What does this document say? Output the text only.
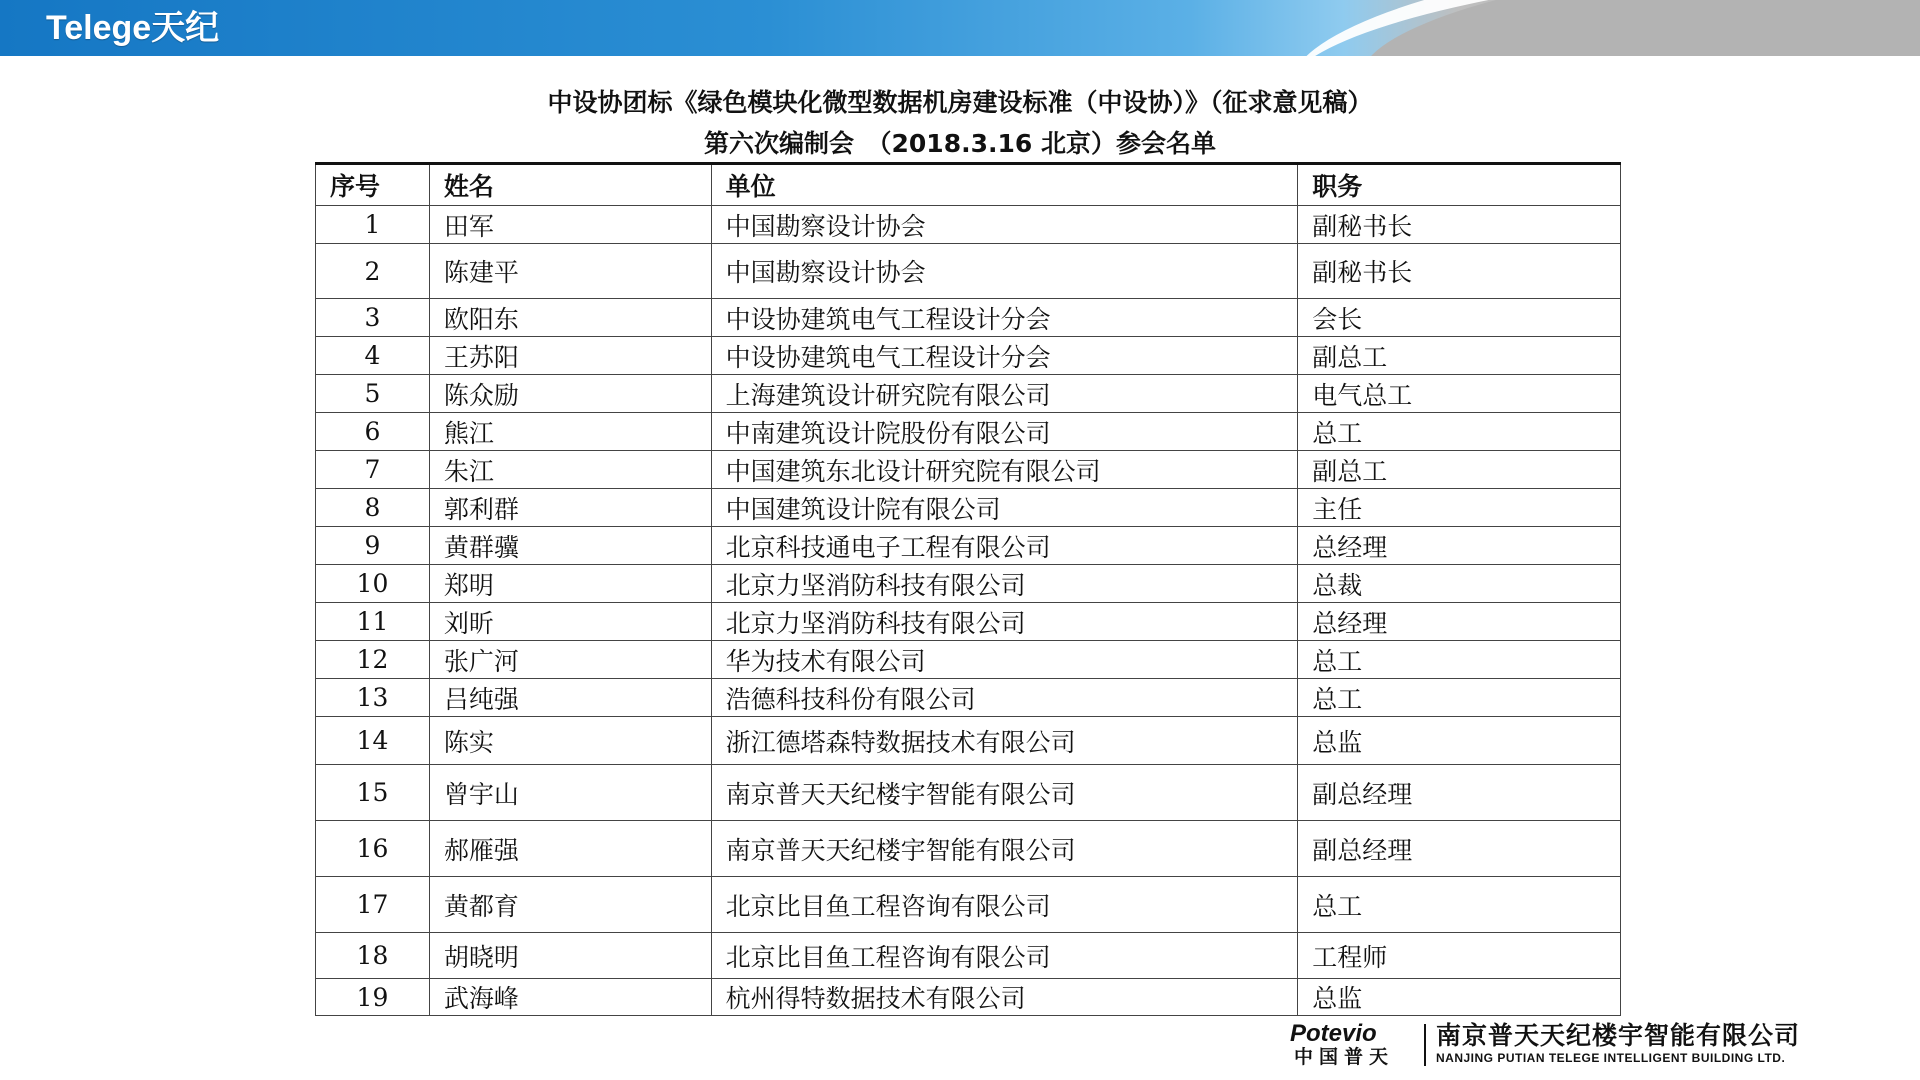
Telege天纪
中设协团标《绿色模块化微型数据机房建设标准（中设协）》（征求意见稿）
第六次编制会　（2018.3.16 北京）参会名单
序号	姓名	单位	职务
1	田军	中国勘察设计协会	副秘书长
2	陈建平	中国勘察设计协会	副秘书长
3	欧阳东	中设协建筑电气工程设计分会	会长
4	王苏阳	中设协建筑电气工程设计分会	副总工
5	陈众励	上海建筑设计研究院有限公司	电气总工
6	熊江	中南建筑设计院股份有限公司	总工
7	朱江	中国建筑东北设计研究院有限公司	副总工
8	郭利群	中国建筑设计院有限公司	主任
9	黄群骥	北京科技通电子工程有限公司	总经理
10	郑明	北京力坚消防科技有限公司	总裁
11	刘昕	北京力坚消防科技有限公司	总经理
12	张广河	华为技术有限公司	总工
13	吕纯强	浩德科技科份有限公司	总工
14	陈实	浙江德塔森特数据技术有限公司	总监
15	曾宇山	南京普天天纪楼宇智能有限公司	副总经理
16	郝雁强	南京普天天纪楼宇智能有限公司	副总经理
17	黄都育	北京比目鱼工程咨询有限公司	总工
18	胡晓明	北京比目鱼工程咨询有限公司	工程师
19	武海峰	杭州得特数据技术有限公司	总监
Potevio
中国普天
南京普天天纪楼宇智能有限公司
NANJING PUTIAN TELEGE INTELLIGENT BUILDING LTD.
